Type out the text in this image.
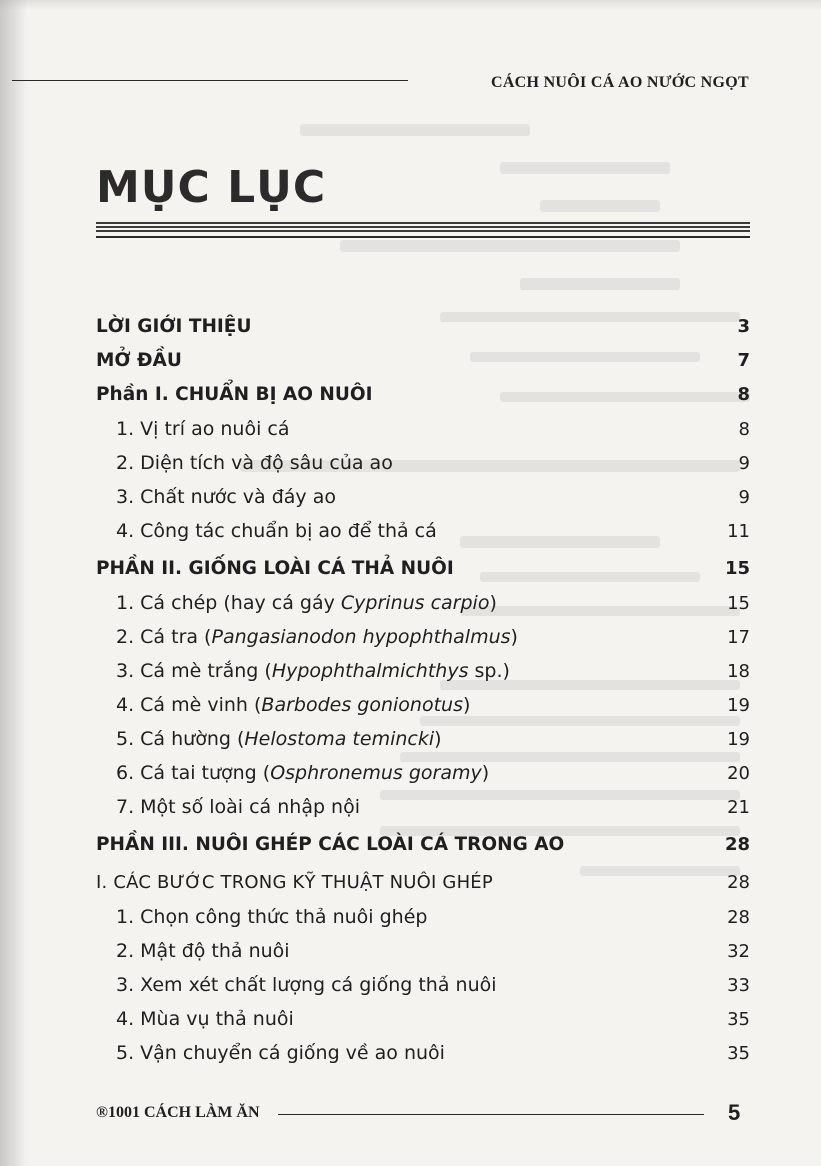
CÁCH NUÔI CÁ AO NƯỚC NGỌT
MỤC LỤC
LỜI GIỚI THIỆU	3
MỞ ĐẦU	7
Phần I. CHUẨN BỊ AO NUÔI	8
1. Vị trí ao nuôi cá	8
2. Diện tích và độ sâu của ao	9
3. Chất nước và đáy ao	9
4. Công tác chuẩn bị ao để thả cá	11
PHẦN II. GIỐNG LOÀI CÁ THẢ NUÔI	15
1. Cá chép (hay cá gáy Cyprinus carpio)	15
2. Cá tra (Pangasianodon hypophthalmus)	17
3. Cá mè trắng (Hypophthalmichthys sp.)	18
4. Cá mè vinh (Barbodes gonionotus)	19
5. Cá hường (Helostoma temincki)	19
6. Cá tai tượng (Osphronemus goramy)	20
7. Một số loài cá nhập nội	21
PHẦN III. NUÔI GHÉP CÁC LOÀI CÁ TRONG AO	28
I. CÁC BƯỚC TRONG KỸ THUẬT NUÔI GHÉP	28
1. Chọn công thức thả nuôi ghép	28
2. Mật độ thả nuôi	32
3. Xem xét chất lượng cá giống thả nuôi	33
4. Mùa vụ thả nuôi	35
5. Vận chuyển cá giống về ao nuôi	35
®1001 CÁCH LÀM ĂN	5
